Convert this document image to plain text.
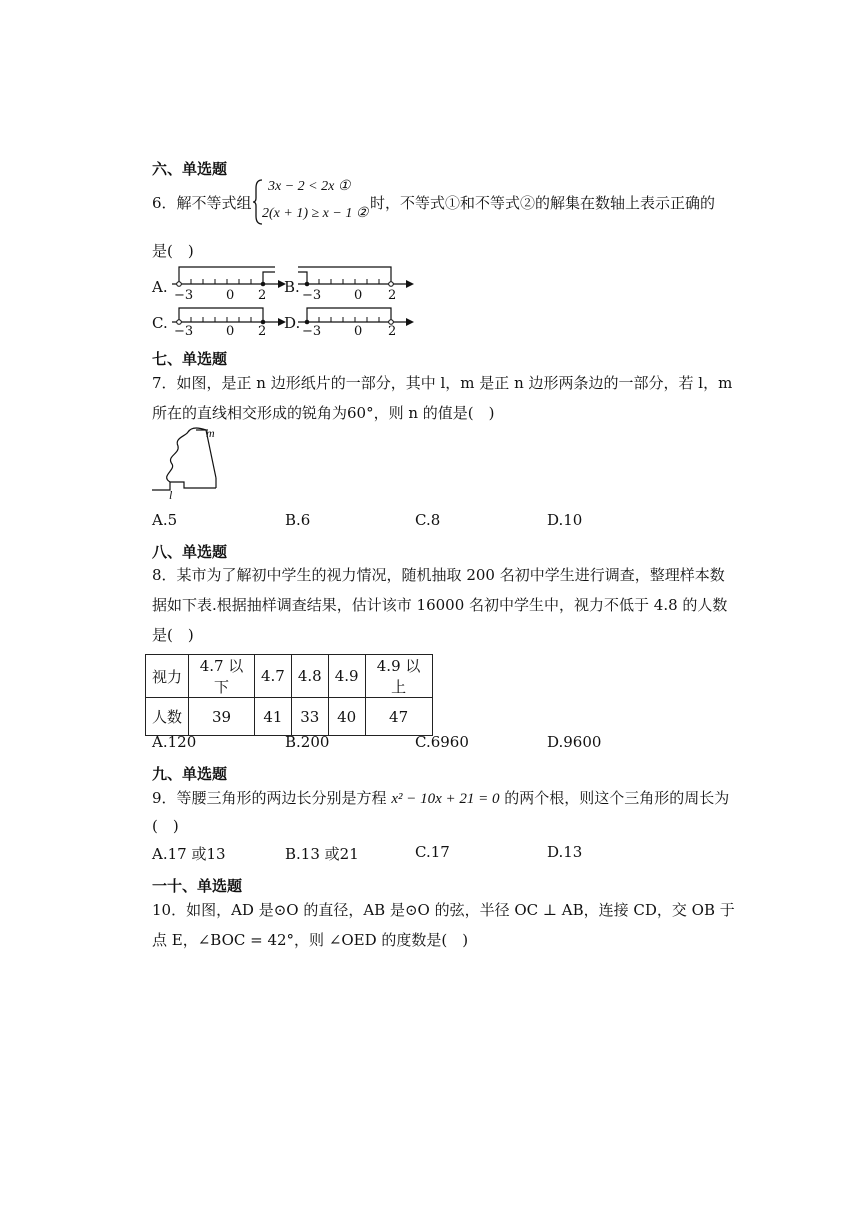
六、单选题
6．解不等式组
3x − 2 < 2x ①
2(x + 1) ≥ x − 1 ②
时，不等式①和不等式②的解集在数轴上表示正确的
是(　)
A. −3	0 2 B. −3	0 2
C. −3	0 2 D. −3	0 2
七、单选题
7．如图，是正 n 边形纸片的一部分，其中 l，m 是正 n 边形两条边的一部分，若 l，m
所在的直线相交形成的锐角为60°，则 n 的值是(　)
m
l
A.5	B.6	C.8	D.10
八、单选题
8．某市为了解初中学生的视力情况，随机抽取 200 名初中学生进行调查，整理样本数
据如下表.根据抽样调查结果，估计该市 16000 名初中学生中，视力不低于 4.8 的人数
是(　)
视力	4.7 以下	4.7	4.8	4.9	4.9 以上
人数	39	41	33	40	47
A.120	B.200	C.6960	D.9600
九、单选题
9．等腰三角形的两边长分别是方程 x² − 10x + 21 = 0 的两个根，则这个三角形的周长为
(　)
A.17 或13	B.13 或21	C.17	D.13
一十、单选题
10．如图，AD 是⊙O 的直径，AB 是⊙O 的弦，半径 OC ⊥ AB，连接 CD，交 OB 于
点 E，∠BOC = 42°，则 ∠OED 的度数是(　)
